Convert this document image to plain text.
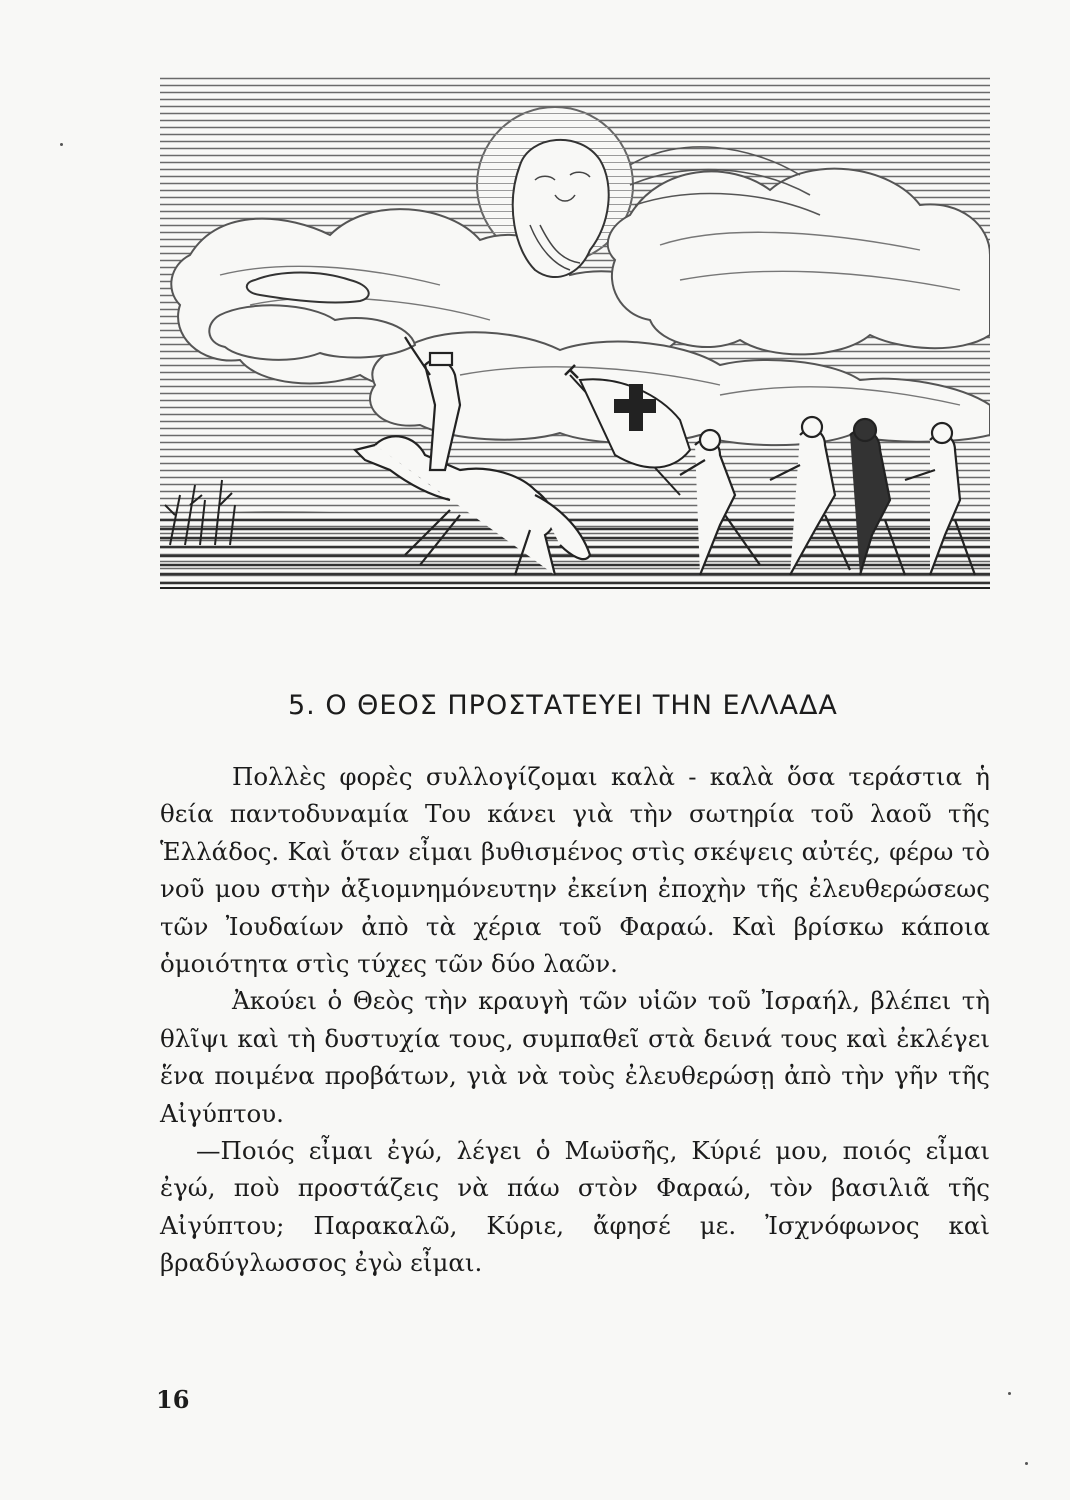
5. Ο ΘΕΟΣ ΠΡΟΣΤΑΤΕΥΕΙ ΤΗΝ ΕΛΛΑΔΑ

Πολλὲς φορὲς συλλογίζομαι καλὰ - καλὰ ὅσα τεράστια ἡ θεία παντοδυναμία Του κάνει γιὰ τὴν σωτηρία τοῦ λαοῦ τῆς Ἑλλάδος. Καὶ ὅταν εἶμαι βυθισμένος στὶς σκέψεις αὐτές, φέρω τὸ νοῦ μου στὴν ἀξιομνημόνευτην ἐκείνη ἐποχὴν τῆς ἐλευθερώσεως τῶν Ἰουδαίων ἀπὸ τὰ χέρια τοῦ Φαραώ. Καὶ βρίσκω κάποια ὁμοιότητα στὶς τύχες τῶν δύο λαῶν.

Ἀκούει ὁ Θεὸς τὴν κραυγὴ τῶν υἱῶν τοῦ Ἰσραήλ, βλέπει τὴ θλῖψι καὶ τὴ δυστυχία τους, συμπαθεῖ στὰ δεινά τους καὶ ἐκλέγει ἕνα ποιμένα προβάτων, γιὰ νὰ τοὺς ἐλευθερώσῃ ἀπὸ τὴν γῆν τῆς Αἰγύπτου.

—Ποιός εἶμαι ἐγώ, λέγει ὁ Μωϋσῆς, Κύριέ μου, ποιός εἶμαι ἐγώ, ποὺ προστάζεις νὰ πάω στὸν Φαραώ, τὸν βασιλιᾶ τῆς Αἰγύπτου; Παρακαλῶ, Κύριε, ἄφησέ με. Ἰσχνόφωνος καὶ βραδύγλωσσος ἐγὼ εἶμαι.

16
